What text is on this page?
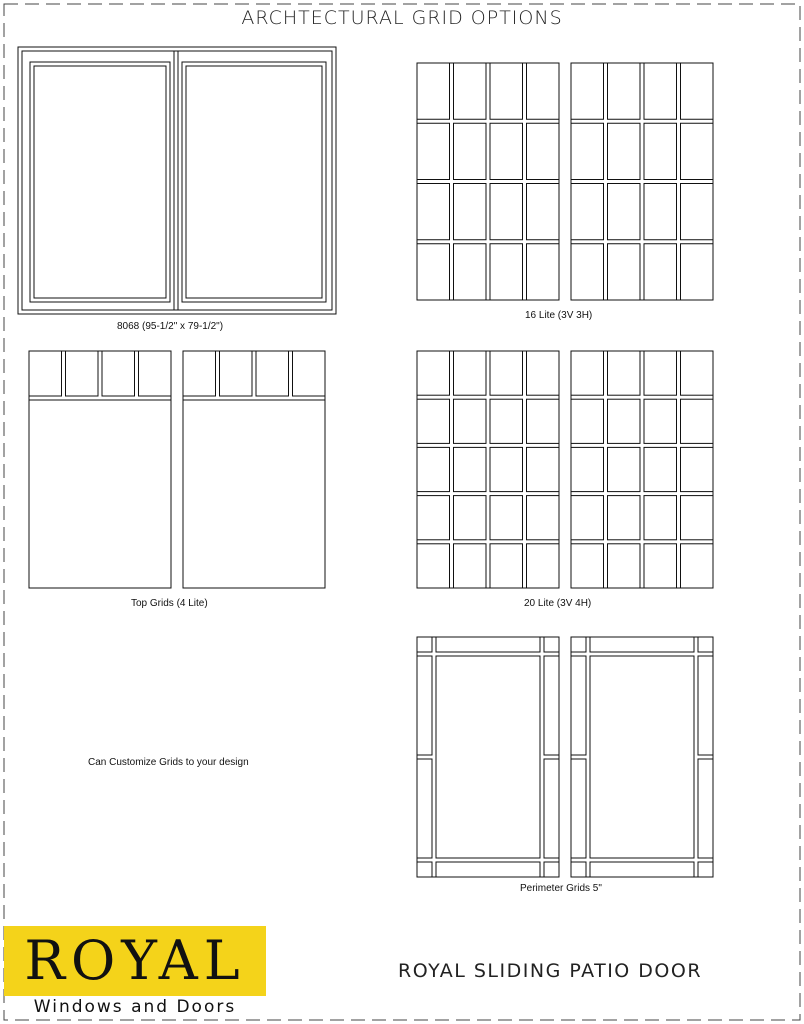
ARCHTECTURAL GRID OPTIONS
8068 (95-1/2" x 79-1/2")
16 Lite (3V 3H)
Top Grids (4 Lite)	20 Lite (3V 4H)
Perimeter Grids 5"
Can Customize Grids to your design
ROYAL
Windows and Doors
ROYAL SLIDING PATIO DOOR
